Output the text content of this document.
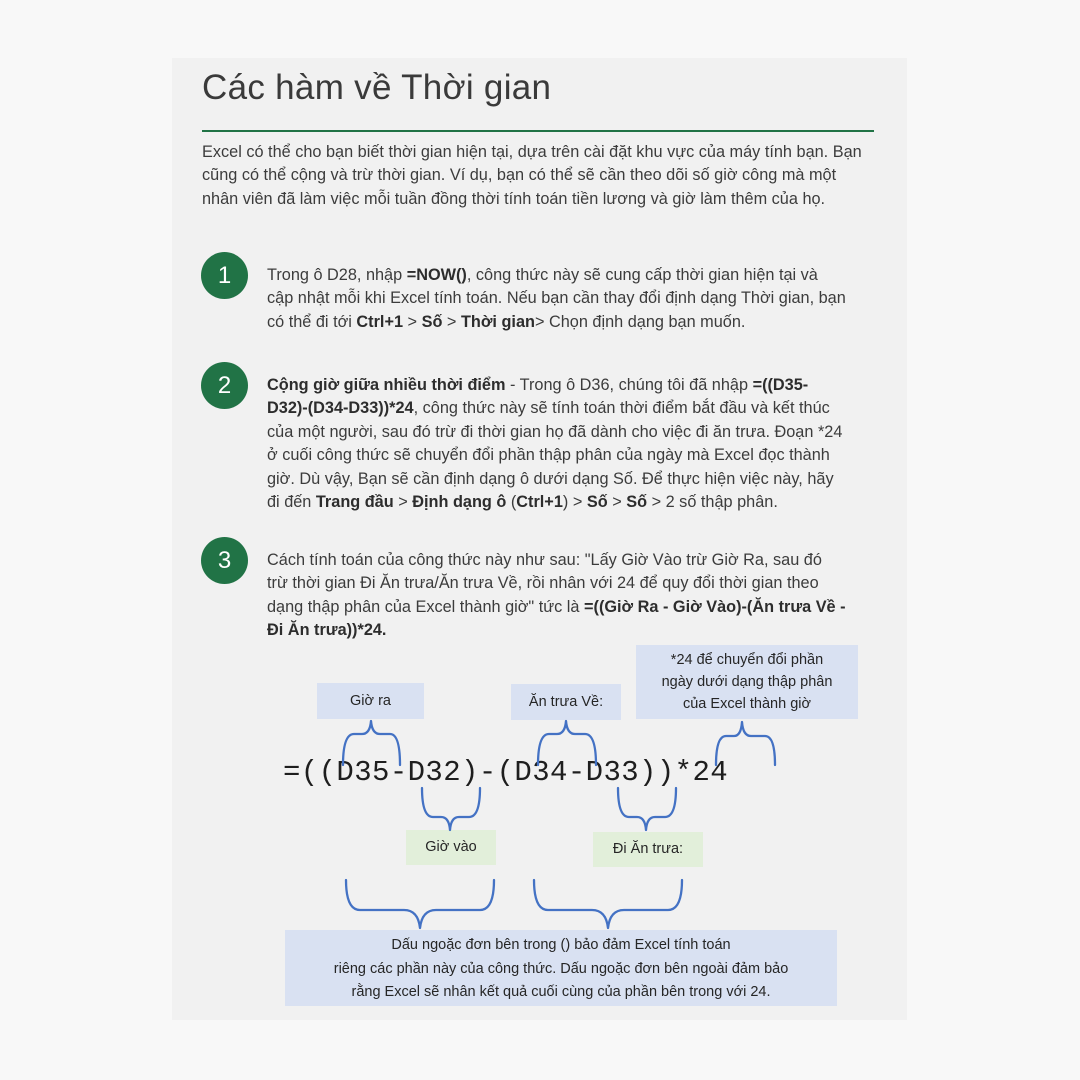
Các hàm về Thời gian

Excel có thể cho bạn biết thời gian hiện tại, dựa trên cài đặt khu vực của máy tính bạn. Bạn cũng có thể cộng và trừ thời gian. Ví dụ, bạn có thể sẽ cần theo dõi số giờ công mà một nhân viên đã làm việc mỗi tuần đồng thời tính toán tiền lương và giờ làm thêm của họ.

1	Trong ô D28, nhập =NOW(), công thức này sẽ cung cấp thời gian hiện tại và cập nhật mỗi khi Excel tính toán. Nếu bạn cần thay đổi định dạng Thời gian, bạn có thể đi tới Ctrl+1 > Số > Thời gian> Chọn định dạng bạn muốn.

2	Cộng giờ giữa nhiều thời điểm - Trong ô D36, chúng tôi đã nhập =((D35-D32)-(D34-D33))*24, công thức này sẽ tính toán thời điểm bắt đầu và kết thúc của một người, sau đó trừ đi thời gian họ đã dành cho việc đi ăn trưa. Đoạn *24 ở cuối công thức sẽ chuyển đổi phần thập phân của ngày mà Excel đọc thành giờ. Dù vậy, Bạn sẽ cần định dạng ô dưới dạng Số. Để thực hiện việc này, hãy đi đến Trang đầu > Định dạng ô (Ctrl+1) > Số > Số > 2 số thập phân.

3	Cách tính toán của công thức này như sau: "Lấy Giờ Vào trừ Giờ Ra, sau đó trừ thời gian Đi Ăn trưa/Ăn trưa Về, rồi nhân với 24 để quy đổi thời gian theo dạng thập phân của Excel thành giờ" tức là =((Giờ Ra - Giờ Vào)-(Ăn trưa Về - Đi Ăn trưa))*24.

Giờ ra	Ăn trưa Về:
*24 để chuyển đổi phần
ngày dưới dạng thập phân
của Excel thành giờ
=((D35-D32)-(D34-D33))*24
Giờ vào	Đi Ăn trưa:
Dấu ngoặc đơn bên trong () bảo đảm Excel tính toán
riêng các phần này của công thức. Dấu ngoặc đơn bên ngoài đảm bảo
rằng Excel sẽ nhân kết quả cuối cùng của phần bên trong với 24.
